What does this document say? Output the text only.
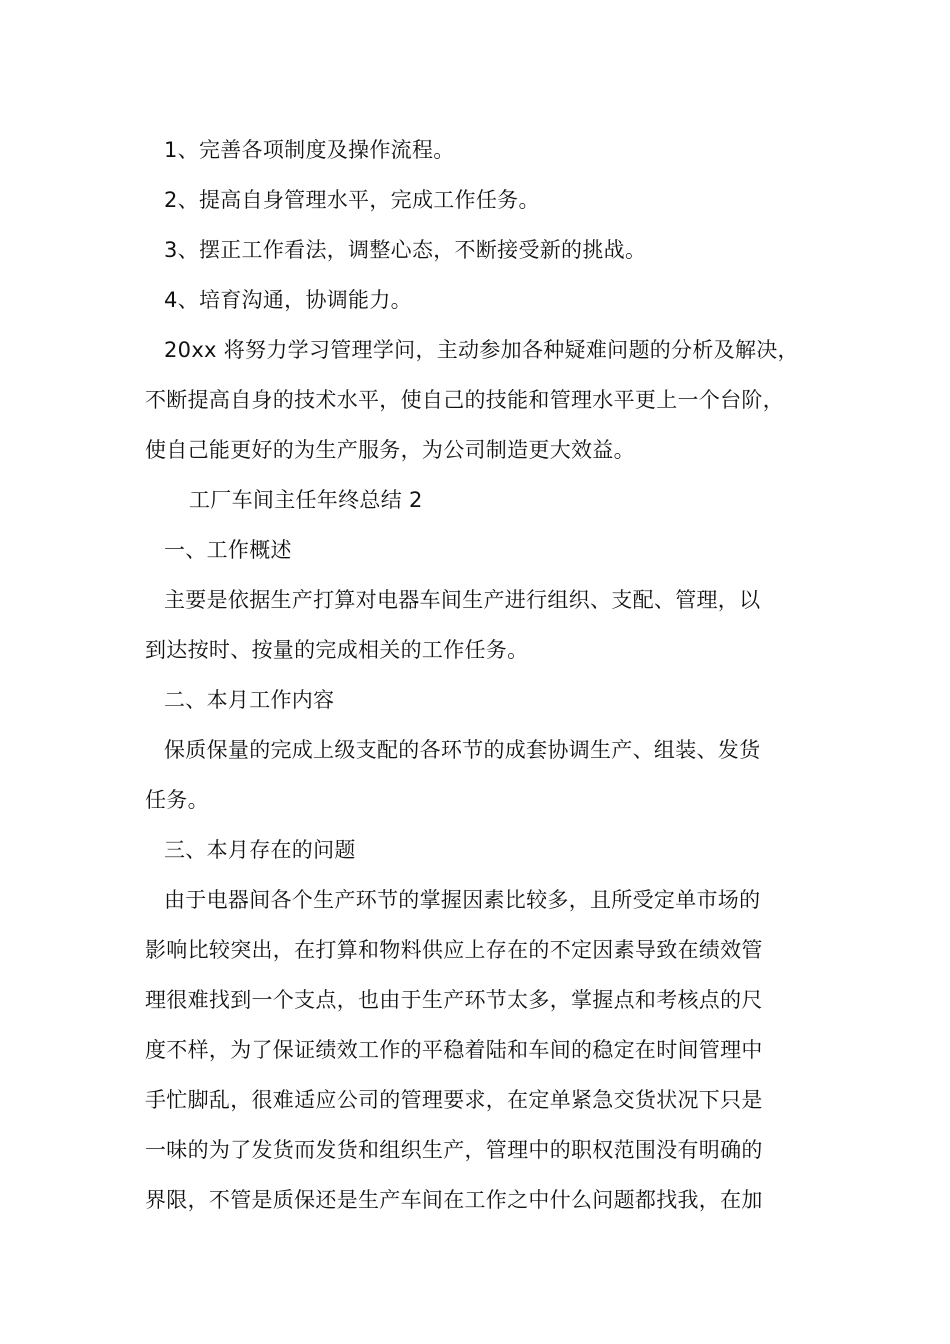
1、完善各项制度及操作流程。
2、提高自身管理水平，完成工作任务。
3、摆正工作看法，调整心态，不断接受新的挑战。
4、培育沟通，协调能力。
20xx 将努力学习管理学问，主动参加各种疑难问题的分析及解决，
不断提高自身的技术水平，使自己的技能和管理水平更上一个台阶，
使自己能更好的为生产服务，为公司制造更大效益。
工厂车间主任年终总结 2
一、工作概述
主要是依据生产打算对电器车间生产进行组织、支配、管理，以
到达按时、按量的完成相关的工作任务。
二、本月工作内容
保质保量的完成上级支配的各环节的成套协调生产、组装、发货
任务。
三、本月存在的问题
由于电器间各个生产环节的掌握因素比较多，且所受定单市场的
影响比较突出，在打算和物料供应上存在的不定因素导致在绩效管
理很难找到一个支点，也由于生产环节太多，掌握点和考核点的尺
度不样，为了保证绩效工作的平稳着陆和车间的稳定在时间管理中
手忙脚乱，很难适应公司的管理要求，在定单紧急交货状况下只是
一味的为了发货而发货和组织生产，管理中的职权范围没有明确的
界限，不管是质保还是生产车间在工作之中什么问题都找我，在加
